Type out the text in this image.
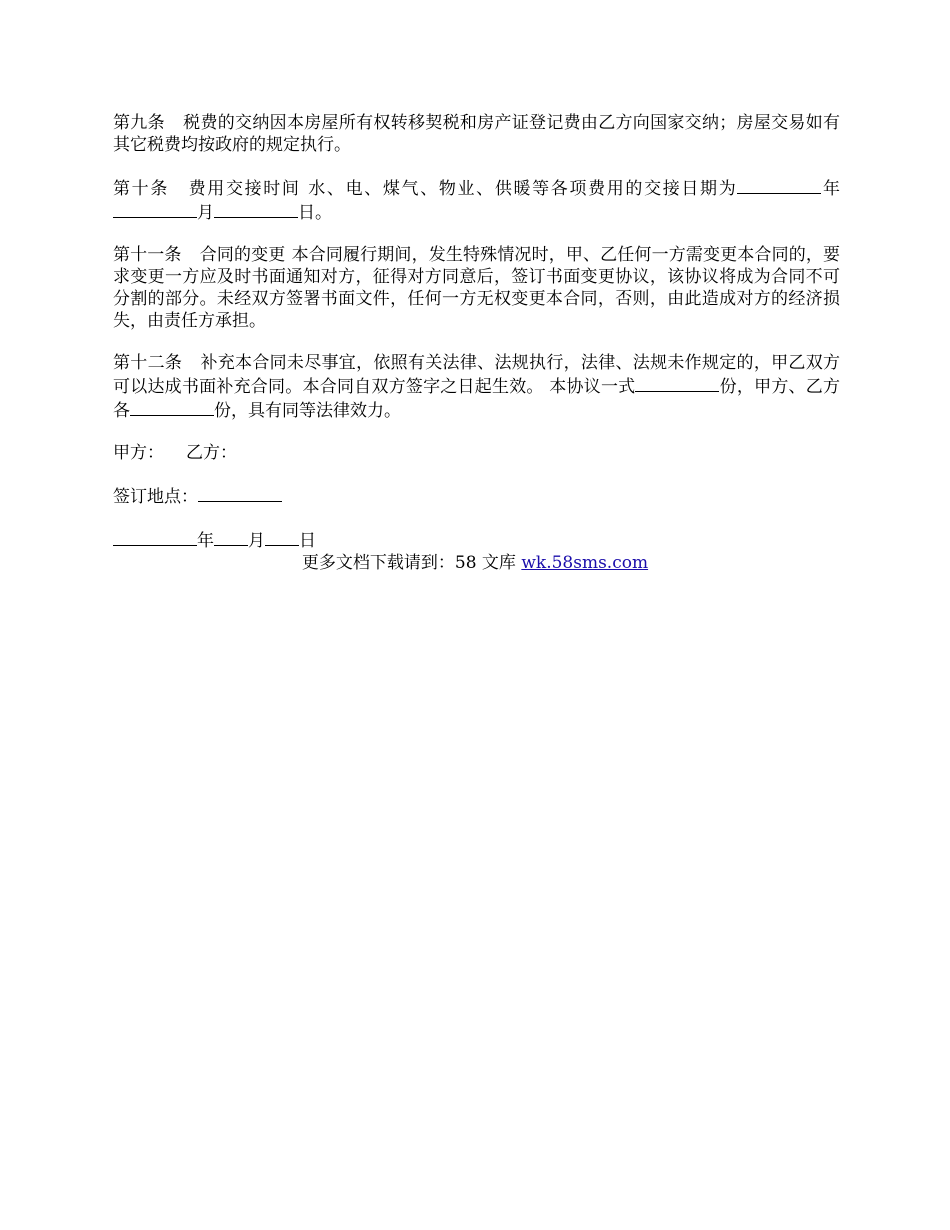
第九条 税费的交纳因本房屋所有权转移契税和房产证登记费由乙方向国家交纳；房屋交易如有其它税费均按政府的规定执行。

第十条 费用交接时间 水、电、煤气、物业、供暖等各项费用的交接日期为	年月	日。

第十一条 合同的变更 本合同履行期间，发生特殊情况时，甲、乙任何一方需变更本合同的，要求变更一方应及时书面通知对方，征得对方同意后，签订书面变更协议，该协议将成为合同不可分割的部分。未经双方签署书面文件，任何一方无权变更本合同，否则，由此造成对方的经济损失，由责任方承担。

第十二条 补充本合同未尽事宜，依照有关法律、法规执行，法律、法规未作规定的，甲乙双方可以达成书面补充合同。本合同自双方签字之日起生效。 本协议一式	份，甲方、乙方各	份，具有同等法律效力。

甲方： 乙方：

签订地点：

年 月 日

更多文档下载请到：58 文库 wk.58sms.com
